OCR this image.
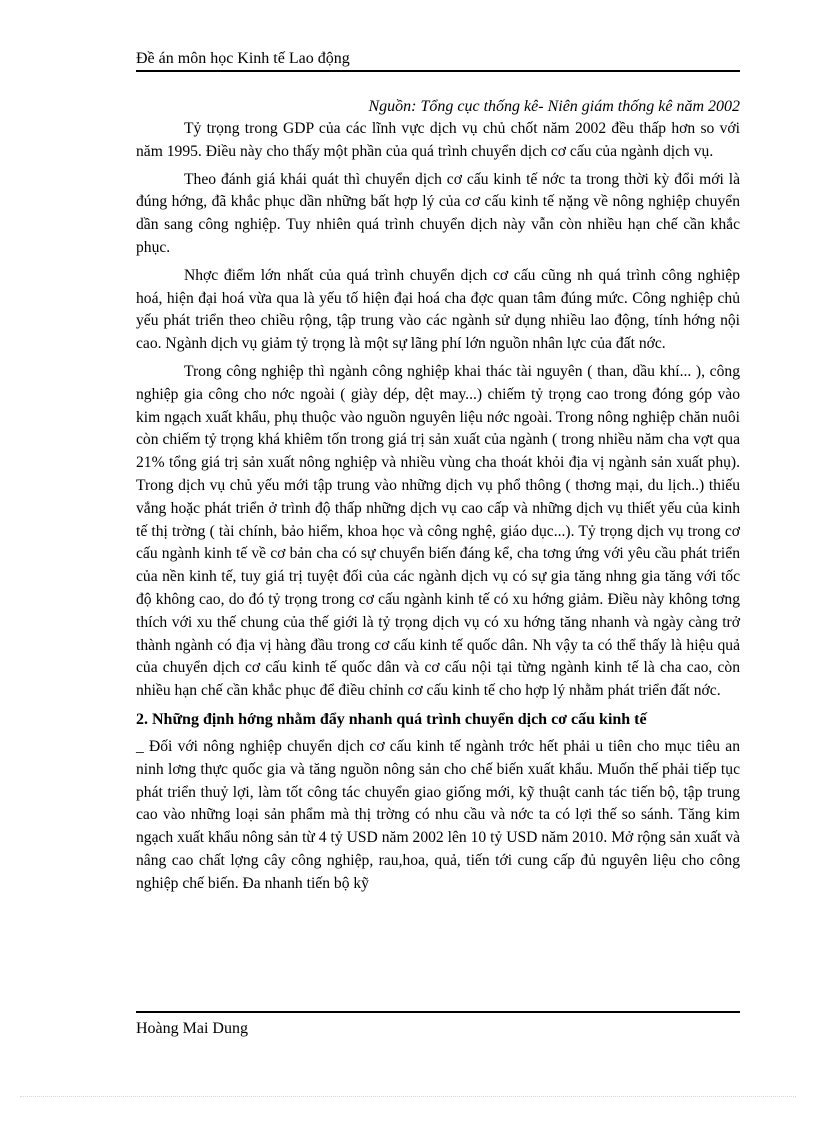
Đề án môn học Kinh tế Lao động
Nguồn: Tổng cục thống kê- Niên giám thống kê năm 2002

Tỷ trọng trong GDP của các lĩnh vực dịch vụ chủ chốt năm 2002 đều thấp hơn so với năm 1995. Điều này cho thấy một phần của quá trình chuyển dịch cơ cấu của ngành dịch vụ.

Theo đánh giá khái quát thì chuyển dịch cơ cấu kinh tế nớc ta trong thời kỳ đổi mới là đúng hớng, đã khắc phục dần những bất hợp lý của cơ cấu kinh tế nặng về nông nghiệp chuyển dần sang công nghiệp. Tuy nhiên quá trình chuyển dịch này vẫn còn nhiều hạn chế cần khắc phục.

Nhợc điểm lớn nhất của quá trình chuyển dịch cơ cấu cũng nh quá trình công nghiệp hoá, hiện đại hoá vừa qua là yếu tố hiện đại hoá cha đợc quan tâm đúng mức. Công nghiệp chủ yếu phát triển theo chiều rộng, tập trung vào các ngành sử dụng nhiều lao động, tính hớng nội cao. Ngành dịch vụ giảm tỷ trọng là một sự lãng phí lớn nguồn nhân lực của đất nớc.

Trong công nghiệp thì ngành công nghiệp khai thác tài nguyên ( than, dầu khí... ), công nghiệp gia công cho nớc ngoài ( giày dép, dệt may...) chiếm tỷ trọng cao trong đóng góp vào kim ngạch xuất khẩu, phụ thuộc vào nguồn nguyên liệu nớc ngoài. Trong nông nghiệp chăn nuôi còn chiếm tỷ trọng khá khiêm tốn trong giá trị sản xuất của ngành ( trong nhiều năm cha vợt qua 21% tổng giá trị sản xuất nông nghiệp và nhiều vùng cha thoát khỏi địa vị ngành sản xuất phụ). Trong dịch vụ chủ yếu mới tập trung vào những dịch vụ phổ thông ( thơng mại, du lịch..) thiếu vắng hoặc phát triển ở trình độ thấp những dịch vụ cao cấp và những dịch vụ thiết yếu của kinh tế thị trờng ( tài chính, bảo hiểm, khoa học và công nghệ, giáo dục...). Tỷ trọng dịch vụ trong cơ cấu ngành kinh tế về cơ bản cha có sự chuyển biến đáng kể, cha tơng ứng với yêu cầu phát triển của nền kinh tế, tuy giá trị tuyệt đối của các ngành dịch vụ có sự gia tăng nhng gia tăng với tốc độ không cao, do đó tỷ trọng trong cơ cấu ngành kinh tế có xu hớng giảm. Điều này không tơng thích với xu thế chung của thế giới là tỷ trọng dịch vụ có xu hớng tăng nhanh và ngày càng trở thành ngành có địa vị hàng đầu trong cơ cấu kinh tế quốc dân. Nh vậy ta có thể thấy là hiệu quả của chuyển dịch cơ cấu kinh tế quốc dân và cơ cấu nội tại từng ngành kinh tế là cha cao, còn nhiều hạn chế cần khắc phục để điều chỉnh cơ cấu kinh tế cho hợp lý nhằm phát triển đất nớc.

2. Những định hớng nhằm đẩy nhanh quá trình chuyển dịch cơ cấu kinh tế

_ Đối với nông nghiệp chuyển dịch cơ cấu kinh tế ngành trớc hết phải u tiên cho mục tiêu an ninh lơng thực quốc gia và tăng nguồn nông sản cho chế biến xuất khẩu. Muốn thế phải tiếp tục phát triển thuỷ lợi, làm tốt công tác chuyển giao giống mới, kỹ thuật canh tác tiến bộ, tập trung cao vào những loại sản phẩm mà thị trờng có nhu cầu và nớc ta có lợi thế so sánh. Tăng kim ngạch xuất khẩu nông sản từ 4 tỷ USD năm 2002 lên 10 tỷ USD năm 2010. Mở rộng sản xuất và nâng cao chất lợng cây công nghiệp, rau,hoa, quả, tiến tới cung cấp đủ nguyên liệu cho công nghiệp chế biến. Đa nhanh tiến bộ kỹ

Hoàng Mai Dung
